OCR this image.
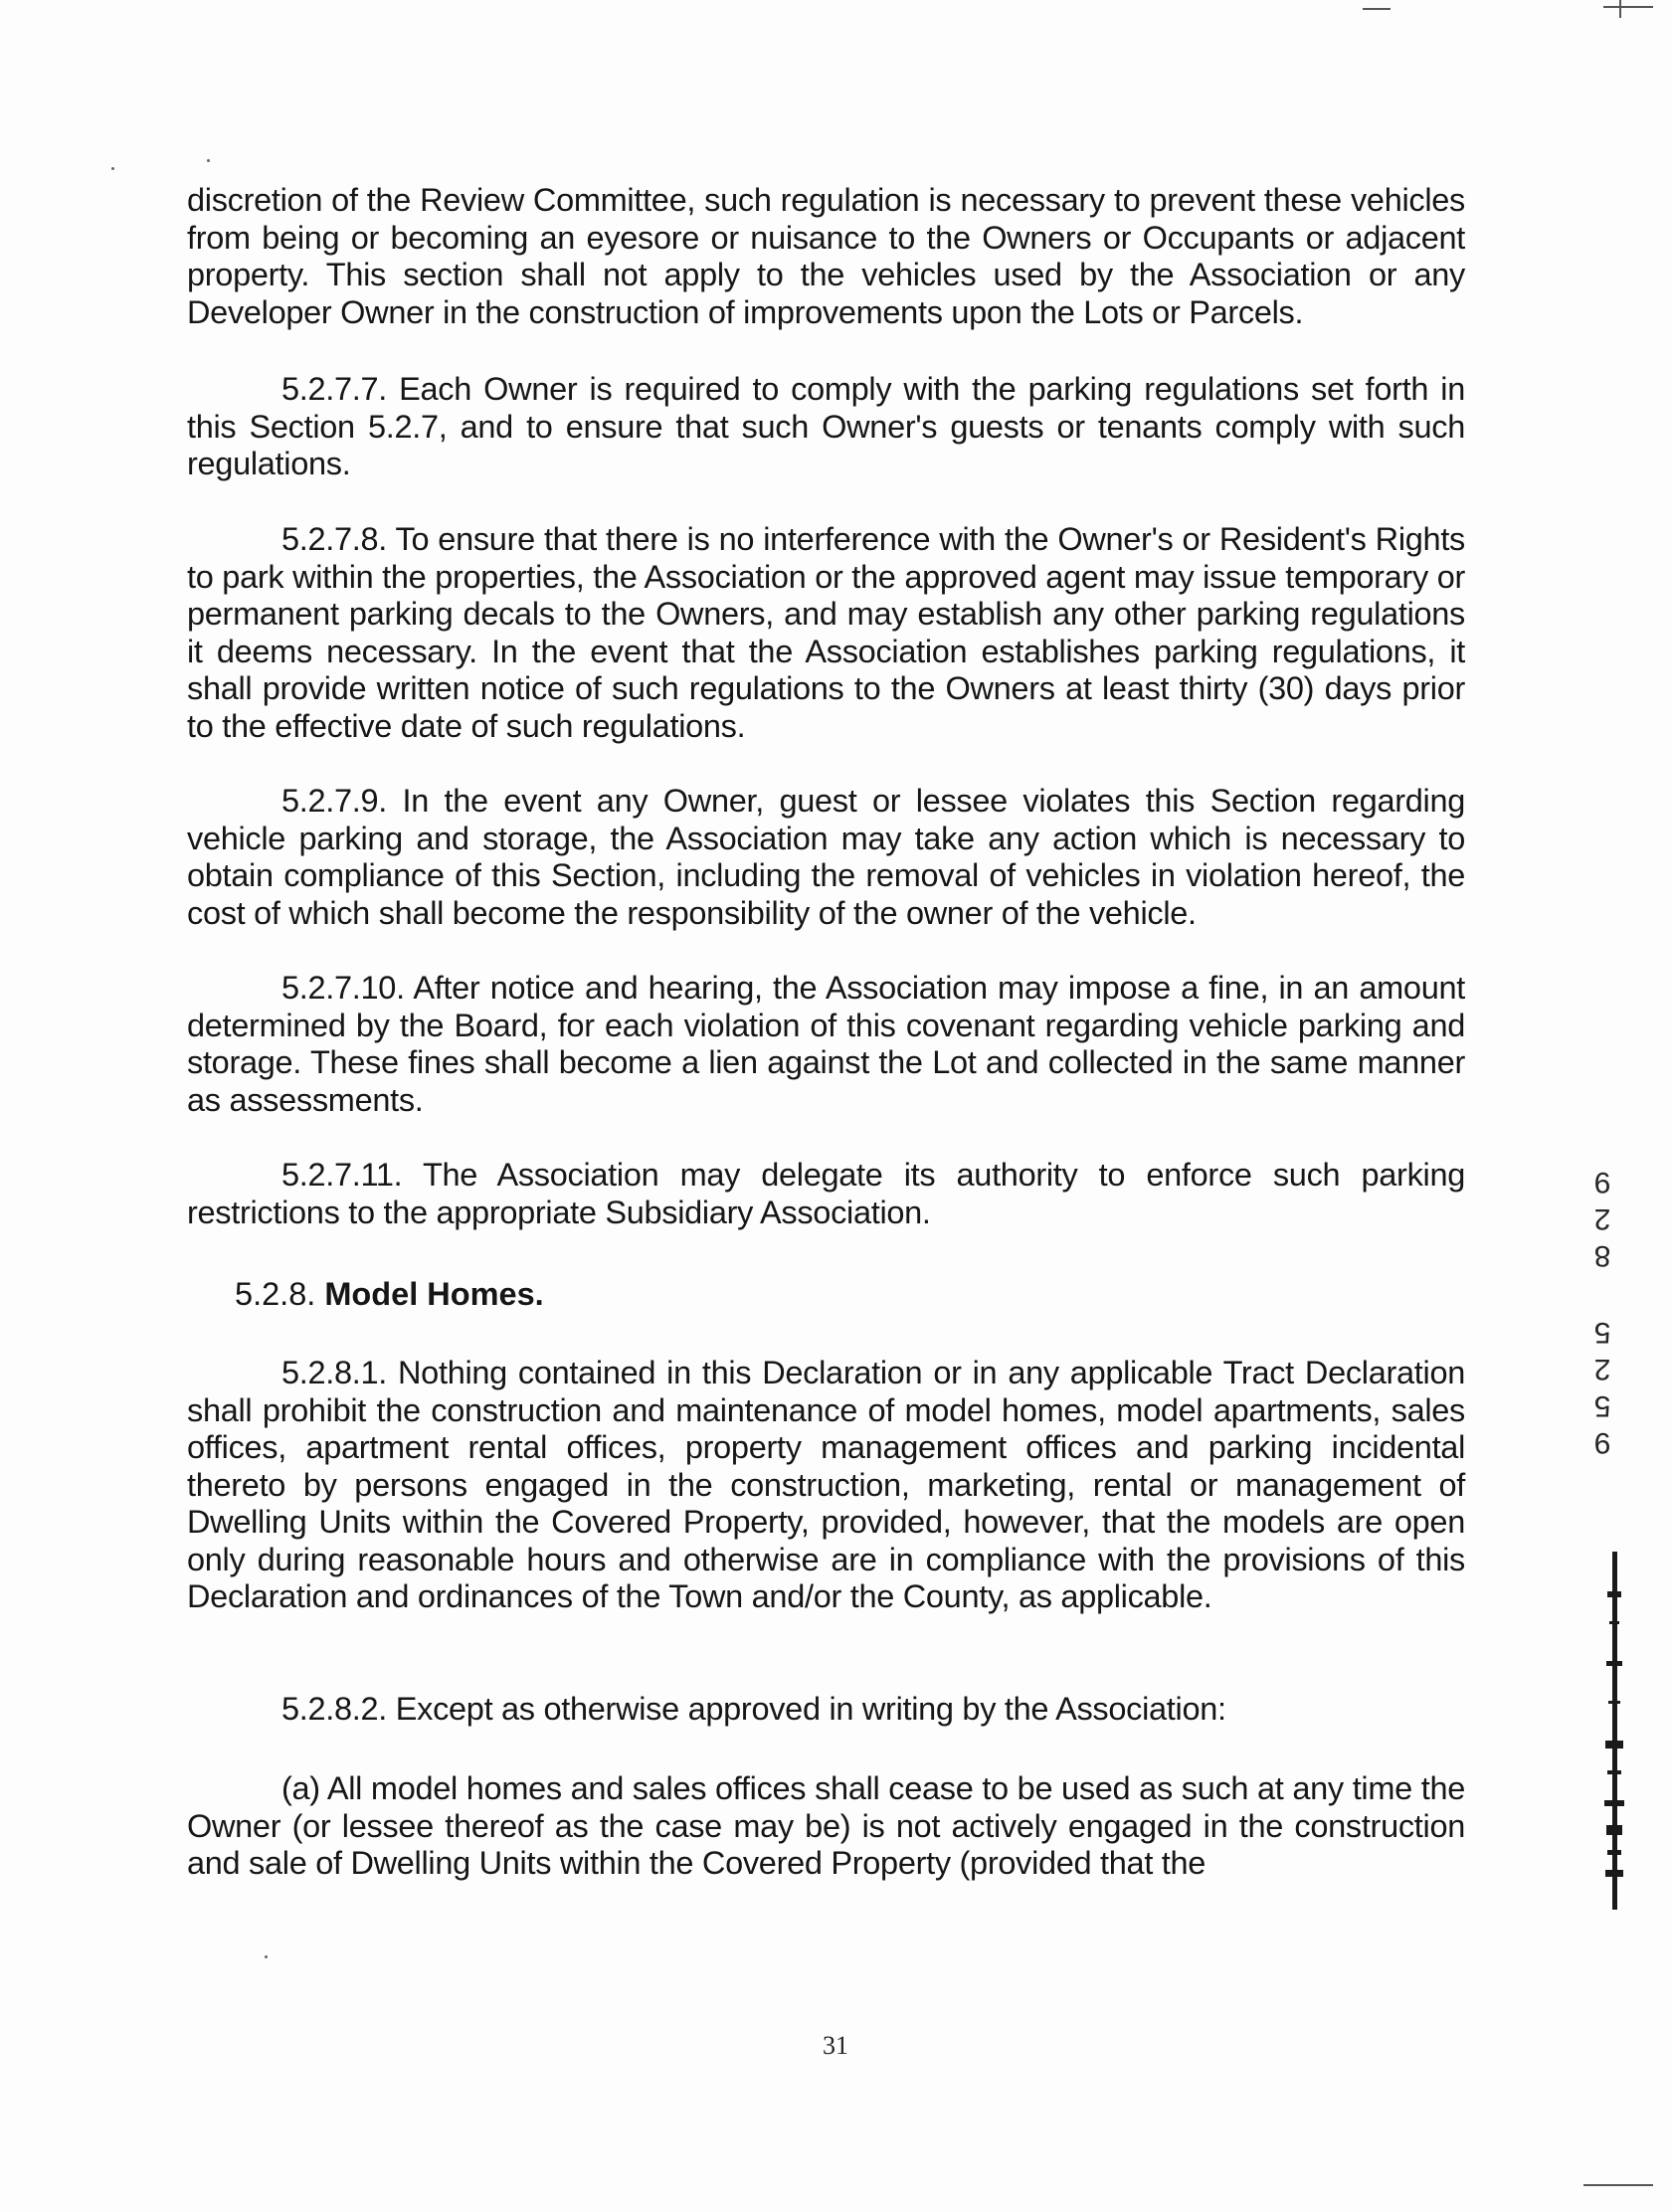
discretion of the Review Committee, such regulation is necessary to prevent these vehicles from being or becoming an eyesore or nuisance to the Owners or Occupants or adjacent property. This section shall not apply to the vehicles used by the Association or any Developer Owner in the construction of improvements upon the Lots or Parcels.

5.2.7.7. Each Owner is required to comply with the parking regulations set forth in this Section 5.2.7, and to ensure that such Owner's guests or tenants comply with such regulations.

5.2.7.8. To ensure that there is no interference with the Owner's or Resident's Rights to park within the properties, the Association or the approved agent may issue temporary or permanent parking decals to the Owners, and may establish any other parking regulations it deems necessary. In the event that the Association establishes parking regulations, it shall provide written notice of such regulations to the Owners at least thirty (30) days prior to the effective date of such regulations.

5.2.7.9. In the event any Owner, guest or lessee violates this Section regarding vehicle parking and storage, the Association may take any action which is necessary to obtain compliance of this Section, including the removal of vehicles in violation hereof, the cost of which shall become the responsibility of the owner of the vehicle.

5.2.7.10. After notice and hearing, the Association may impose a fine, in an amount determined by the Board, for each violation of this covenant regarding vehicle parking and storage. These fines shall become a lien against the Lot and collected in the same manner as assessments.

5.2.7.11. The Association may delegate its authority to enforce such parking restrictions to the appropriate Subsidiary Association.

5.2.8. Model Homes.

5.2.8.1. Nothing contained in this Declaration or in any applicable Tract Declaration shall prohibit the construction and maintenance of model homes, model apartments, sales offices, apartment rental offices, property management offices and parking incidental thereto by persons engaged in the construction, marketing, rental or management of Dwelling Units within the Covered Property, provided, however, that the models are open only during reasonable hours and otherwise are in compliance with the provisions of this Declaration and ordinances of the Town and/or the County, as applicable.

5.2.8.2. Except as otherwise approved in writing by the Association:

(a) All model homes and sales offices shall cease to be used as such at any time the Owner (or lessee thereof as the case may be) is not actively engaged in the construction and sale of Dwelling Units within the Covered Property (provided that the

31
9
5
2
5
8
2
9
